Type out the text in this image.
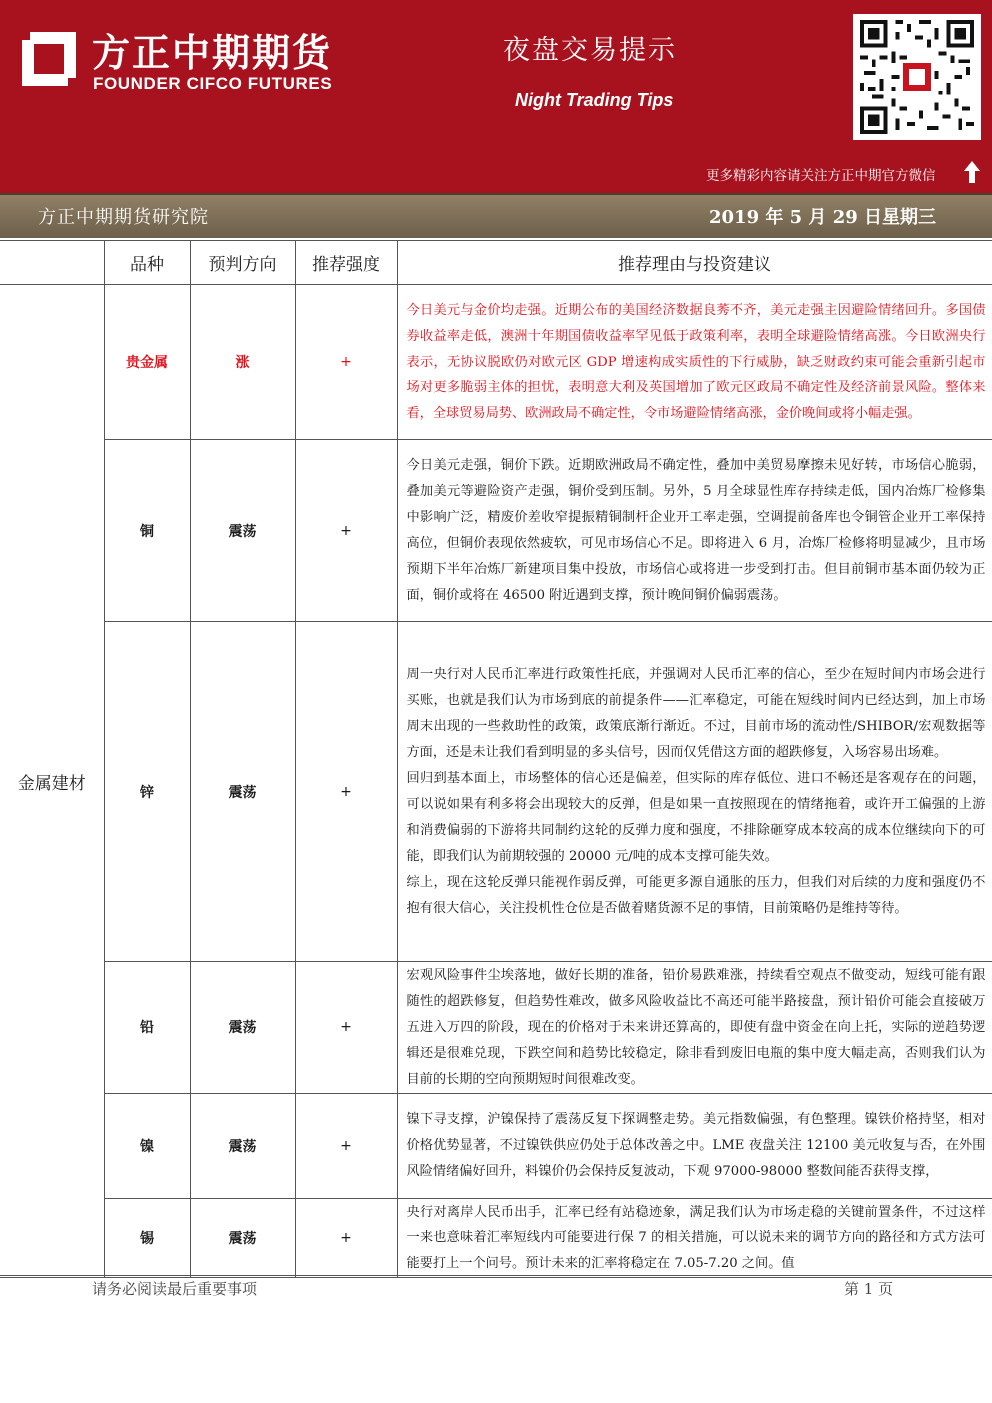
方正中期期货
FOUNDER CIFCO FUTURES
夜盘交易提示
Night Trading Tips
更多精彩内容请关注方正中期官方微信
方正中期期货研究院	2019 年 5 月 29 日星期三
	品种	预判方向	推荐强度	推荐理由与投资建议
金属建材	贵金属	涨	+	今日美元与金价均走强。近期公布的美国经济数据良莠不齐，美元走强主因避险情绪回升。多国债券收益率走低，澳洲十年期国债收益率罕见低于政策利率，表明全球避险情绪高涨。今日欧洲央行表示，无协议脱欧仍对欧元区 GDP 增速构成实质性的下行威胁，缺乏财政约束可能会重新引起市场对更多脆弱主体的担忧，表明意大利及英国增加了欧元区政局不确定性及经济前景风险。整体来看，全球贸易局势、欧洲政局不确定性，令市场避险情绪高涨，金价晚间或将小幅走强。

	铜	震荡	+	今日美元走强，铜价下跌。近期欧洲政局不确定性，叠加中美贸易摩擦未见好转，市场信心脆弱，叠加美元等避险资产走强，铜价受到压制。另外，5 月全球显性库存持续走低，国内冶炼厂检修集中影响广泛，精废价差收窄提振精铜制杆企业开工率走强，空调提前备库也令铜管企业开工率保持高位，但铜价表现依然疲软，可见市场信心不足。即将进入 6 月，冶炼厂检修将明显减少，且市场预期下半年冶炼厂新建项目集中投放，市场信心或将进一步受到打击。但目前铜市基本面仍较为正面，铜价或将在 46500 附近遇到支撑，预计晚间铜价偏弱震荡。

	锌	震荡	+	周一央行对人民币汇率进行政策性托底，并强调对人民币汇率的信心，至少在短时间内市场会进行买账，也就是我们认为市场到底的前提条件——汇率稳定，可能在短线时间内已经达到，加上市场周末出现的一些救助性的政策，政策底渐行渐近。不过，目前市场的流动性/SHIBOR/宏观数据等方面，还是未让我们看到明显的多头信号，因而仅凭借这方面的超跌修复，入场容易出场难。

回归到基本面上，市场整体的信心还是偏差，但实际的库存低位、进口不畅还是客观存在的问题，可以说如果有利多将会出现较大的反弹，但是如果一直按照现在的情绪拖着，或许开工偏强的上游和消费偏弱的下游将共同制约这轮的反弹力度和强度，不排除砸穿成本较高的成本位继续向下的可能，即我们认为前期较强的 20000 元/吨的成本支撑可能失效。

综上，现在这轮反弹只能视作弱反弹，可能更多源自通胀的压力，但我们对后续的力度和强度仍不抱有很大信心，关注投机性仓位是否做着赌货源不足的事情，目前策略仍是维持等待。

	铅	震荡	+	宏观风险事件尘埃落地，做好长期的准备，铅价易跌难涨，持续看空观点不做变动，短线可能有跟随性的超跌修复，但趋势性难改，做多风险收益比不高还可能半路接盘，预计铅价可能会直接破万五进入万四的阶段，现在的价格对于未来讲还算高的，即使有盘中资金在向上托，实际的逆趋势逻辑还是很难兑现，下跌空间和趋势比较稳定，除非看到废旧电瓶的集中度大幅走高，否则我们认为目前的长期的空向预期短时间很难改变。

	镍	震荡	+	镍下寻支撑，沪镍保持了震荡反复下探调整走势。美元指数偏强，有色整理。镍铁价格持坚，相对价格优势显著，不过镍铁供应仍处于总体改善之中。LME 夜盘关注 12100 美元收复与否，在外围风险情绪偏好回升，料镍价仍会保持反复波动，下观 97000-98000 整数间能否获得支撑，

	锡	震荡	+	央行对离岸人民币出手，汇率已经有站稳迹象，满足我们认为市场走稳的关键前置条件，不过这样一来也意味着汇率短线内可能要进行保 7 的相关措施，可以说未来的调节方向的路径和方式方法可能要打上一个问号。预计未来的汇率将稳定在 7.05-7.20 之间。值

请务必阅读最后重要事项	第 1 页
